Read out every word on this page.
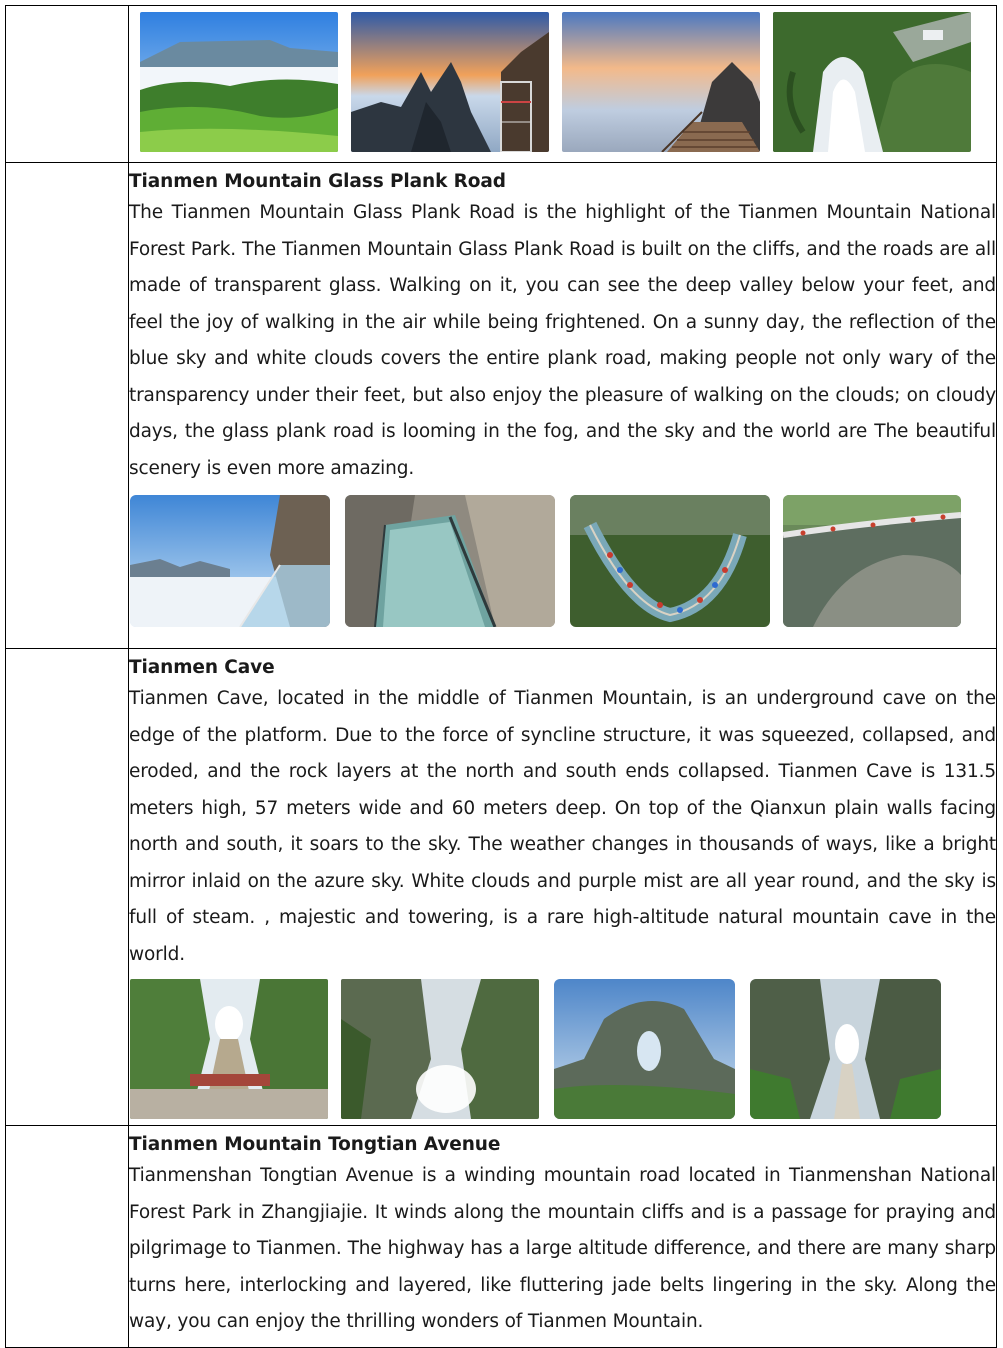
	Tianmen Mountain Glass Plank Road
The Tianmen Mountain Glass Plank Road is the highlight of the Tianmen Mountain National Forest Park. The Tianmen Mountain Glass Plank Road is built on the cliffs, and the roads are all made of transparent glass. Walking on it, you can see the deep valley below your feet, and feel the joy of walking in the air while being frightened. On a sunny day, the reflection of the blue sky and white clouds covers the entire plank road, making people not only wary of the transparency under their feet, but also enjoy the pleasure of walking on the clouds; on cloudy days, the glass plank road is looming in the fog, and the sky and the world are The beautiful scenery is even more amazing.

	Tianmen Cave
Tianmen Cave, located in the middle of Tianmen Mountain, is an underground cave on the edge of the platform. Due to the force of syncline structure, it was squeezed, collapsed, and eroded, and the rock layers at the north and south ends collapsed. Tianmen Cave is 131.5 meters high, 57 meters wide and 60 meters deep. On top of the Qianxun plain walls facing north and south, it soars to the sky. The weather changes in thousands of ways, like a bright mirror inlaid on the azure sky. White clouds and purple mist are all year round, and the sky is full of steam. , majestic and towering, is a rare high-altitude natural mountain cave in the world.

	Tianmen Mountain Tongtian Avenue
Tianmenshan Tongtian Avenue is a winding mountain road located in Tianmenshan National Forest Park in Zhangjiajie. It winds along the mountain cliffs and is a passage for praying and pilgrimage to Tianmen. The highway has a large altitude difference, and there are many sharp turns here, interlocking and layered, like fluttering jade belts lingering in the sky. Along the way, you can enjoy the thrilling wonders of Tianmen Mountain.
